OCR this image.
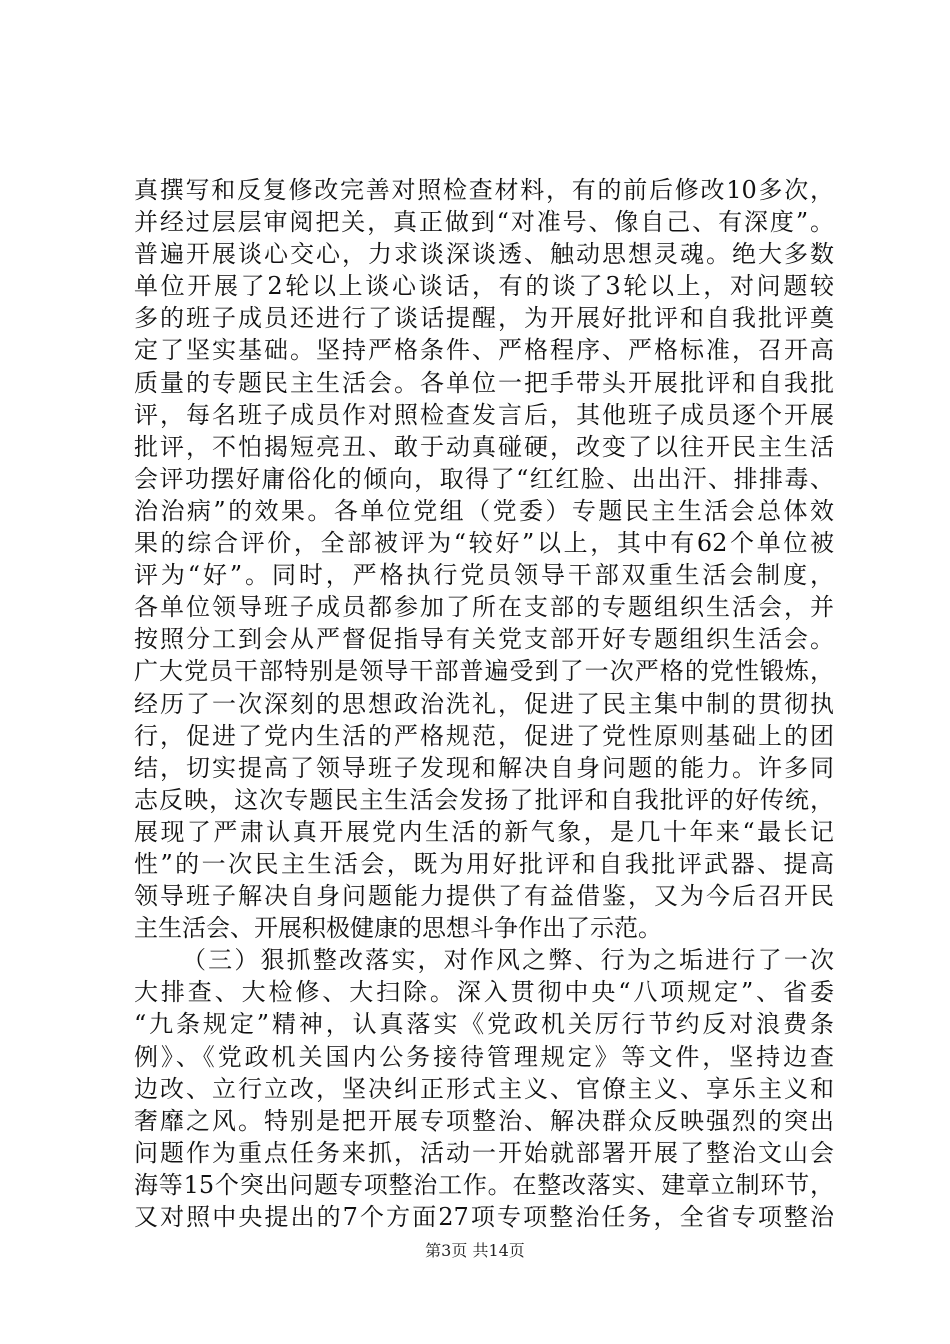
真撰写和反复修改完善对照检查材料，有的前后修改10多次，
并经过层层审阅把关，真正做到“对准号、像自己、有深度”。
普遍开展谈心交心，力求谈深谈透、触动思想灵魂。绝大多数
单位开展了2轮以上谈心谈话，有的谈了3轮以上，对问题较
多的班子成员还进行了谈话提醒，为开展好批评和自我批评奠
定了坚实基础。坚持严格条件、严格程序、严格标准，召开高
质量的专题民主生活会。各单位一把手带头开展批评和自我批
评，每名班子成员作对照检查发言后，其他班子成员逐个开展
批评，不怕揭短亮丑、敢于动真碰硬，改变了以往开民主生活
会评功摆好庸俗化的倾向，取得了“红红脸、出出汗、排排毒、
治治病”的效果。各单位党组（党委）专题民主生活会总体效
果的综合评价，全部被评为“较好”以上，其中有62个单位被
评为“好”。同时，严格执行党员领导干部双重生活会制度，
各单位领导班子成员都参加了所在支部的专题组织生活会，并
按照分工到会从严督促指导有关党支部开好专题组织生活会。
广大党员干部特别是领导干部普遍受到了一次严格的党性锻炼，
经历了一次深刻的思想政治洗礼，促进了民主集中制的贯彻执
行，促进了党内生活的严格规范，促进了党性原则基础上的团
结，切实提高了领导班子发现和解决自身问题的能力。许多同
志反映，这次专题民主生活会发扬了批评和自我批评的好传统，
展现了严肃认真开展党内生活的新气象，是几十年来“最长记
性”的一次民主生活会，既为用好批评和自我批评武器、提高
领导班子解决自身问题能力提供了有益借鉴，又为今后召开民
主生活会、开展积极健康的思想斗争作出了示范。
（三）狠抓整改落实，对作风之弊、行为之垢进行了一次
大排查、大检修、大扫除。深入贯彻中央“八项规定”、省委
“九条规定”精神，认真落实《党政机关厉行节约反对浪费条
例》、《党政机关国内公务接待管理规定》等文件，坚持边查
边改、立行立改，坚决纠正形式主义、官僚主义、享乐主义和
奢靡之风。特别是把开展专项整治、解决群众反映强烈的突出
问题作为重点任务来抓，活动一开始就部署开展了整治文山会
海等15个突出问题专项整治工作。在整改落实、建章立制环节，
又对照中央提出的7个方面27项专项整治任务，全省专项整治
第3页 共14页
